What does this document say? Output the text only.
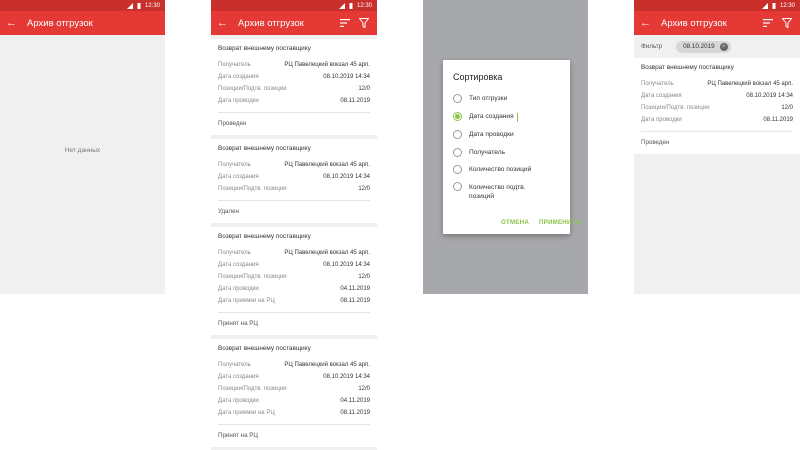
12:30
←	Архив отгрузок
Нет данных
12:30
←	Архив отгрузок
Возврат внешнему поставщику
Получатель	РЦ Павелецкий вокзал 45 арп.
Дата создания	08.10.2019 14:34
Позиции/Подтв. позиции	12/0
Дата проводки	08.11.2019
Проведен
Возврат внешнему поставщику
Получатель	РЦ Павелецкий вокзал 45 арп.
Дата создания	08.10.2019 14:34
Позиции/Подтв. позиции	12/0
Удален
Возврат внешнему поставщику
Получатель	РЦ Павелецкий вокзал 45 арп.
Дата создания	08.10.2019 14:34
Позиции/Подтв. позиции	12/0
Дата проводки	04.11.2019
Дата приемки на РЦ	08.11.2019
Принят на РЦ
Возврат внешнему поставщику
Получатель	РЦ Павелецкий вокзал 45 арп.
Дата создания	08.10.2019 14:34
Позиции/Подтв. позиции	12/0
Дата проводки	04.11.2019
Дата приемки на РЦ	08.11.2019
Принят на РЦ
Сортировка
Тип отгрузки
Дата создания
Дата проводки
Получатель
Количество позиций
Количество подтв. позиций
ОТМЕНА ПРИМЕНИТЬ
12:30
←	Архив отгрузок
Фильтр	08.10.2019	×
Возврат внешнему поставщику
Получатель	РЦ Павелецкий вокзал 45 арп.
Дата создания	08.10.2019 14:34
Позиции/Подтв. позиции	12/0
Дата проводки	08.11.2019
Проведен
